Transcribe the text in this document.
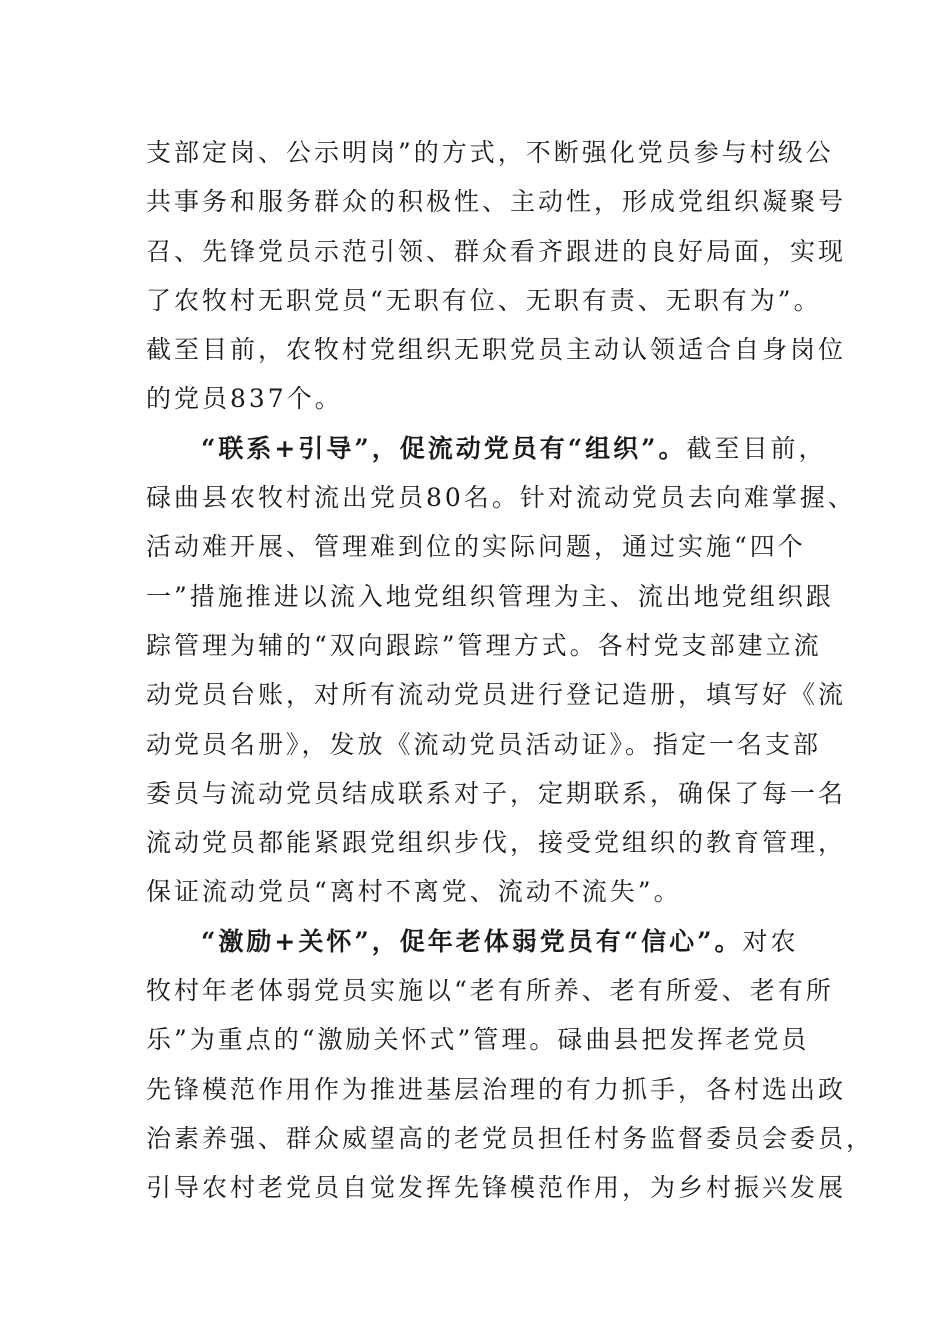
支部定岗、公示明岗”的方式，不断强化党员参与村级公
共事务和服务群众的积极性、主动性，形成党组织凝聚号
召、先锋党员示范引领、群众看齐跟进的良好局面，实现
了农牧村无职党员“无职有位、无职有责、无职有为”。
截至目前，农牧村党组织无职党员主动认领适合自身岗位
的党员837个。
“联系+引导”，促流动党员有“组织”。截至目前，
碌曲县农牧村流出党员80名。针对流动党员去向难掌握、
活动难开展、管理难到位的实际问题，通过实施“四个
一”措施推进以流入地党组织管理为主、流出地党组织跟
踪管理为辅的“双向跟踪”管理方式。各村党支部建立流
动党员台账，对所有流动党员进行登记造册，填写好《流
动党员名册》，发放《流动党员活动证》。指定一名支部
委员与流动党员结成联系对子，定期联系，确保了每一名
流动党员都能紧跟党组织步伐，接受党组织的教育管理，
保证流动党员“离村不离党、流动不流失”。
“激励+关怀”，促年老体弱党员有“信心”。对农
牧村年老体弱党员实施以“老有所养、老有所爱、老有所
乐”为重点的“激励关怀式”管理。碌曲县把发挥老党员
先锋模范作用作为推进基层治理的有力抓手，各村选出政
治素养强、群众威望高的老党员担任村务监督委员会委员，
引导农村老党员自觉发挥先锋模范作用，为乡村振兴发展
